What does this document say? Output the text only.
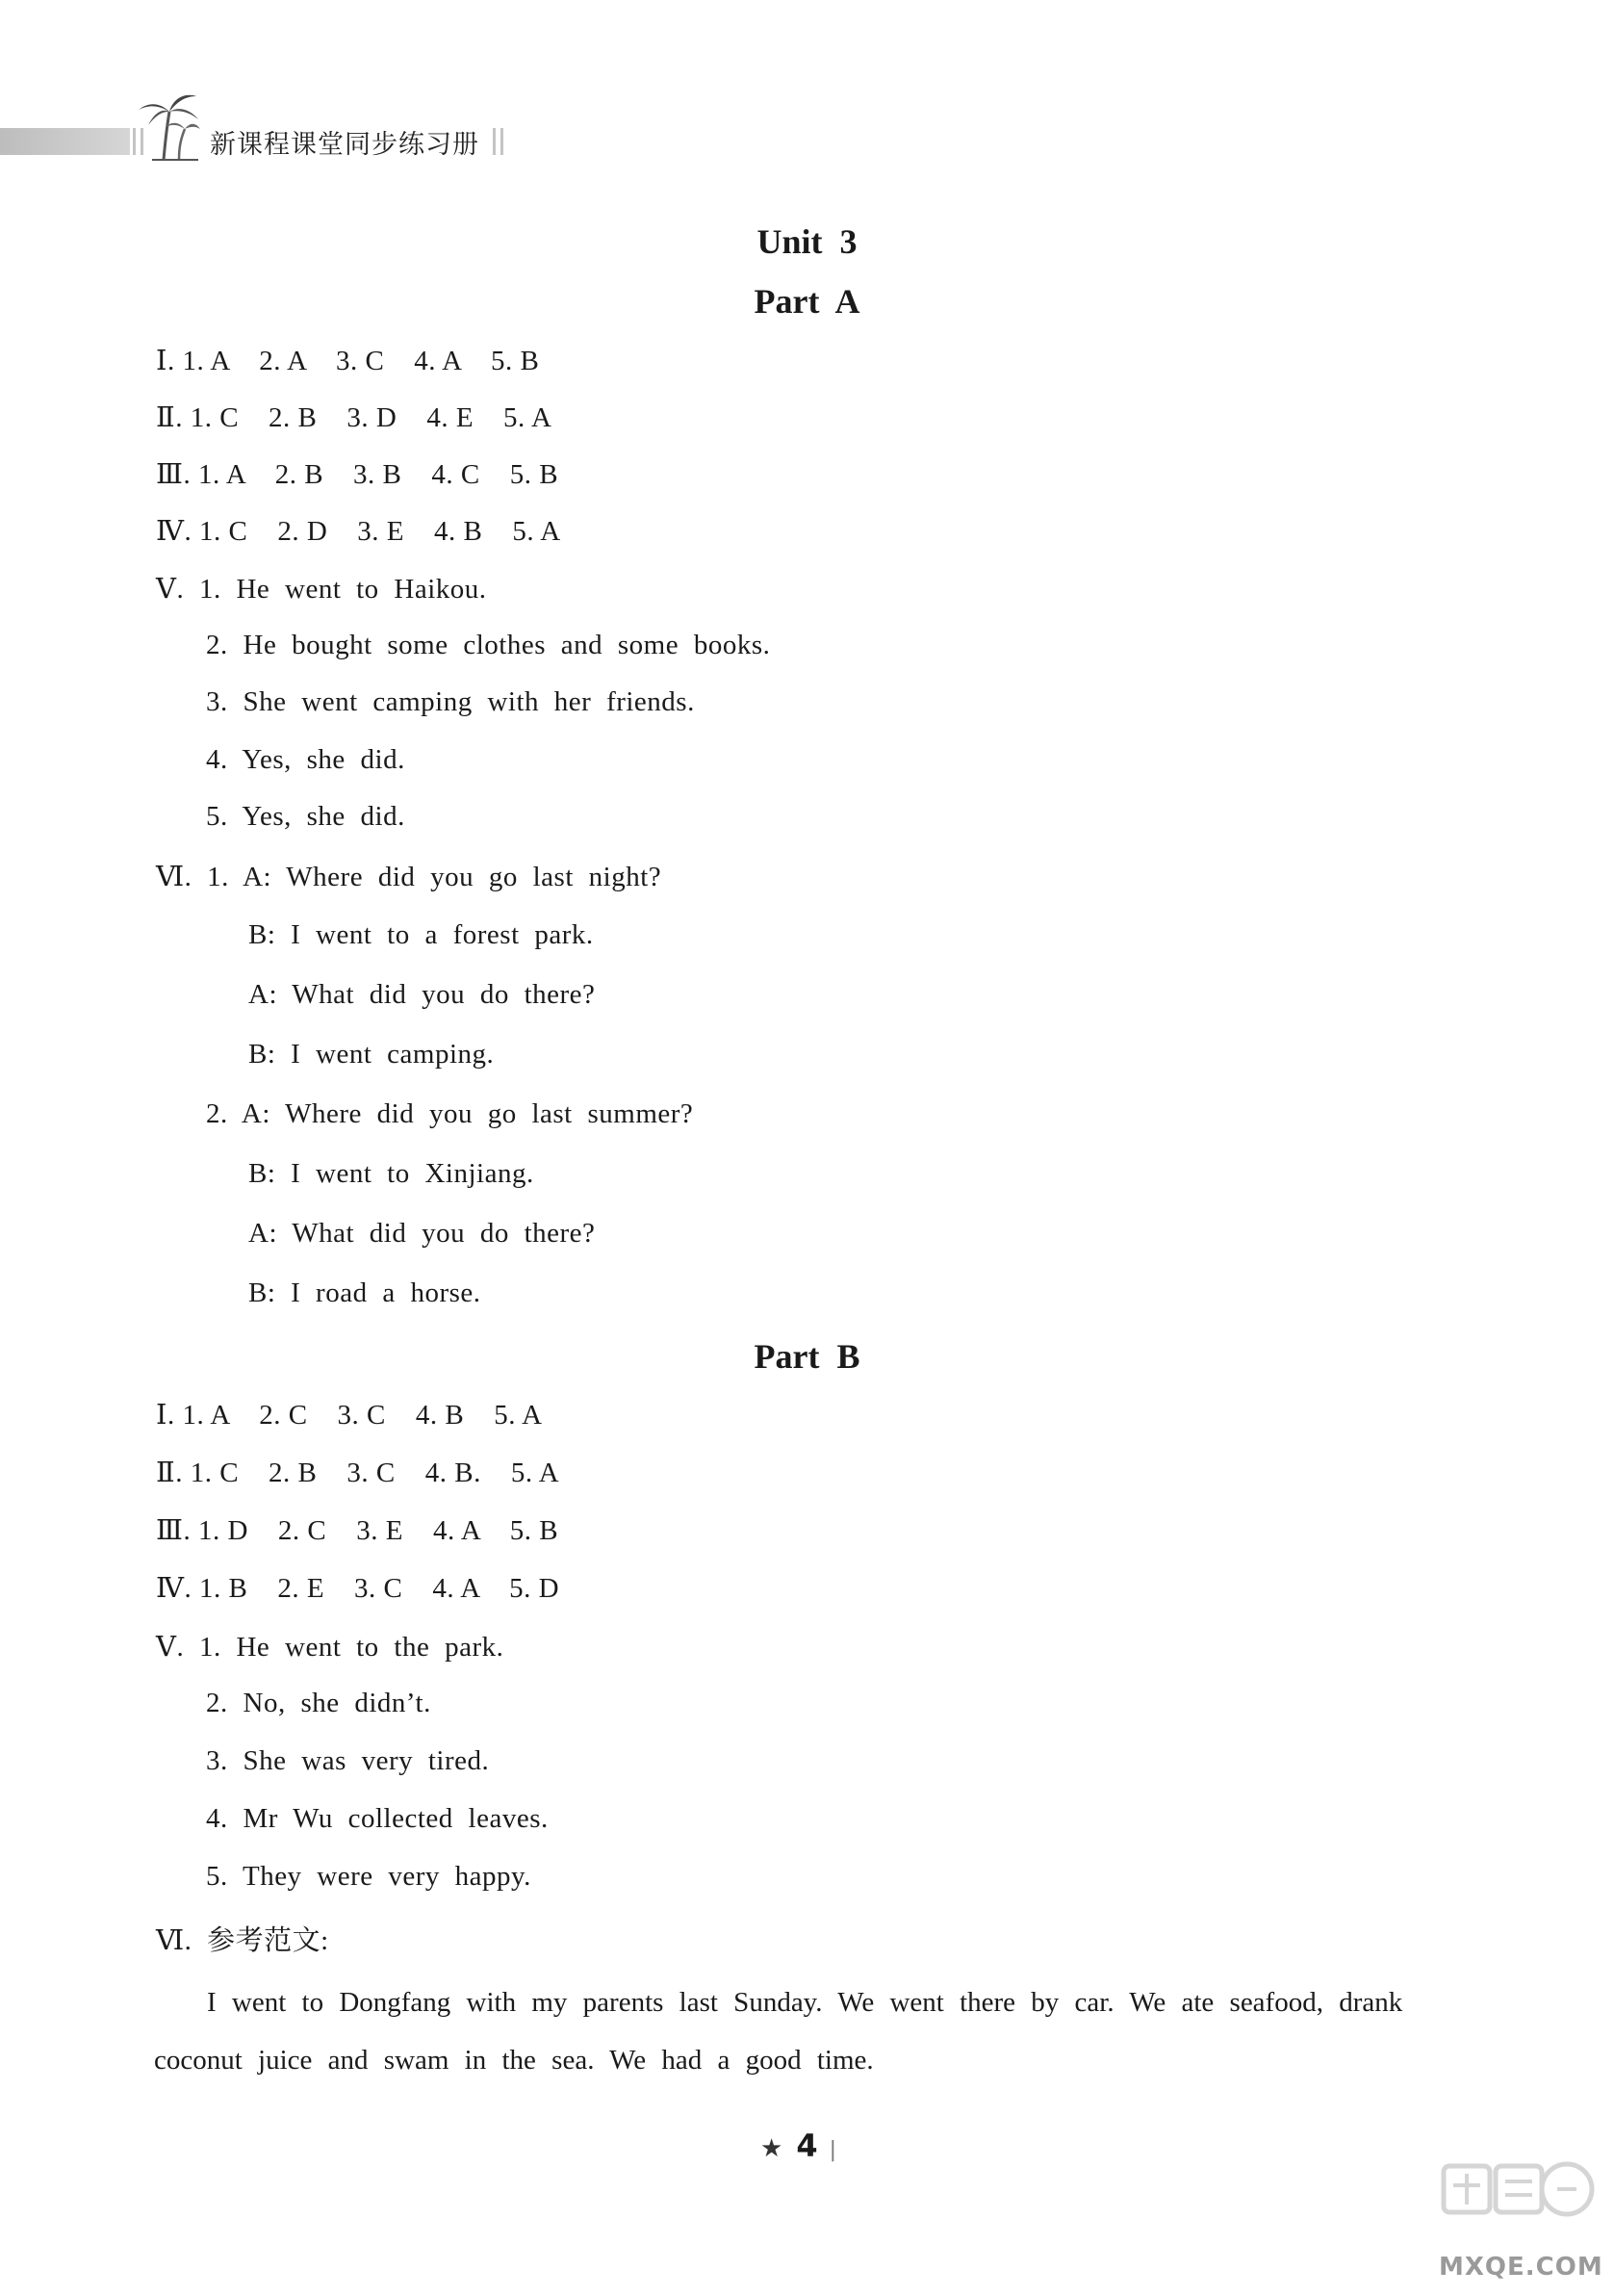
新课程课堂同步练习册
Unit  3
Part  A
Ⅰ. 1. A    2. A    3. C    4. A    5. B
Ⅱ. 1. C    2. B    3. D    4. E    5. A
Ⅲ. 1. A    2. B    3. B    4. C    5. B
Ⅳ. 1. C    2. D    3. E    4. B    5. A
Ⅴ. 1. He went to Haikou.
2. He bought some clothes and some books.
3. She went camping with her friends.
4. Yes, she did.
5. Yes, she did.
Ⅵ. 1. A: Where did you go last night?
B: I went to a forest park.
A: What did you do there?
B: I went camping.
2. A: Where did you go last summer?
B: I went to Xinjiang.
A: What did you do there?
B: I road a horse.
Part  B
Ⅰ. 1. A    2. C    3. C    4. B    5. A
Ⅱ. 1. C    2. B    3. C    4. B.    5. A
Ⅲ. 1. D    2. C    3. E    4. A    5. B
Ⅳ. 1. B    2. E    3. C    4. A    5. D
Ⅴ. 1. He went to the park.
2. No, she didn’t.
3. She was very tired.
4. Mr Wu collected leaves.
5. They were very happy.
Ⅵ. 参考范文:
I went to Dongfang with my parents last Sunday. We went there by car. We ate seafood, drank coconut juice and swam in the sea. We had a good time.
★ 4 |
MXQE.COM
